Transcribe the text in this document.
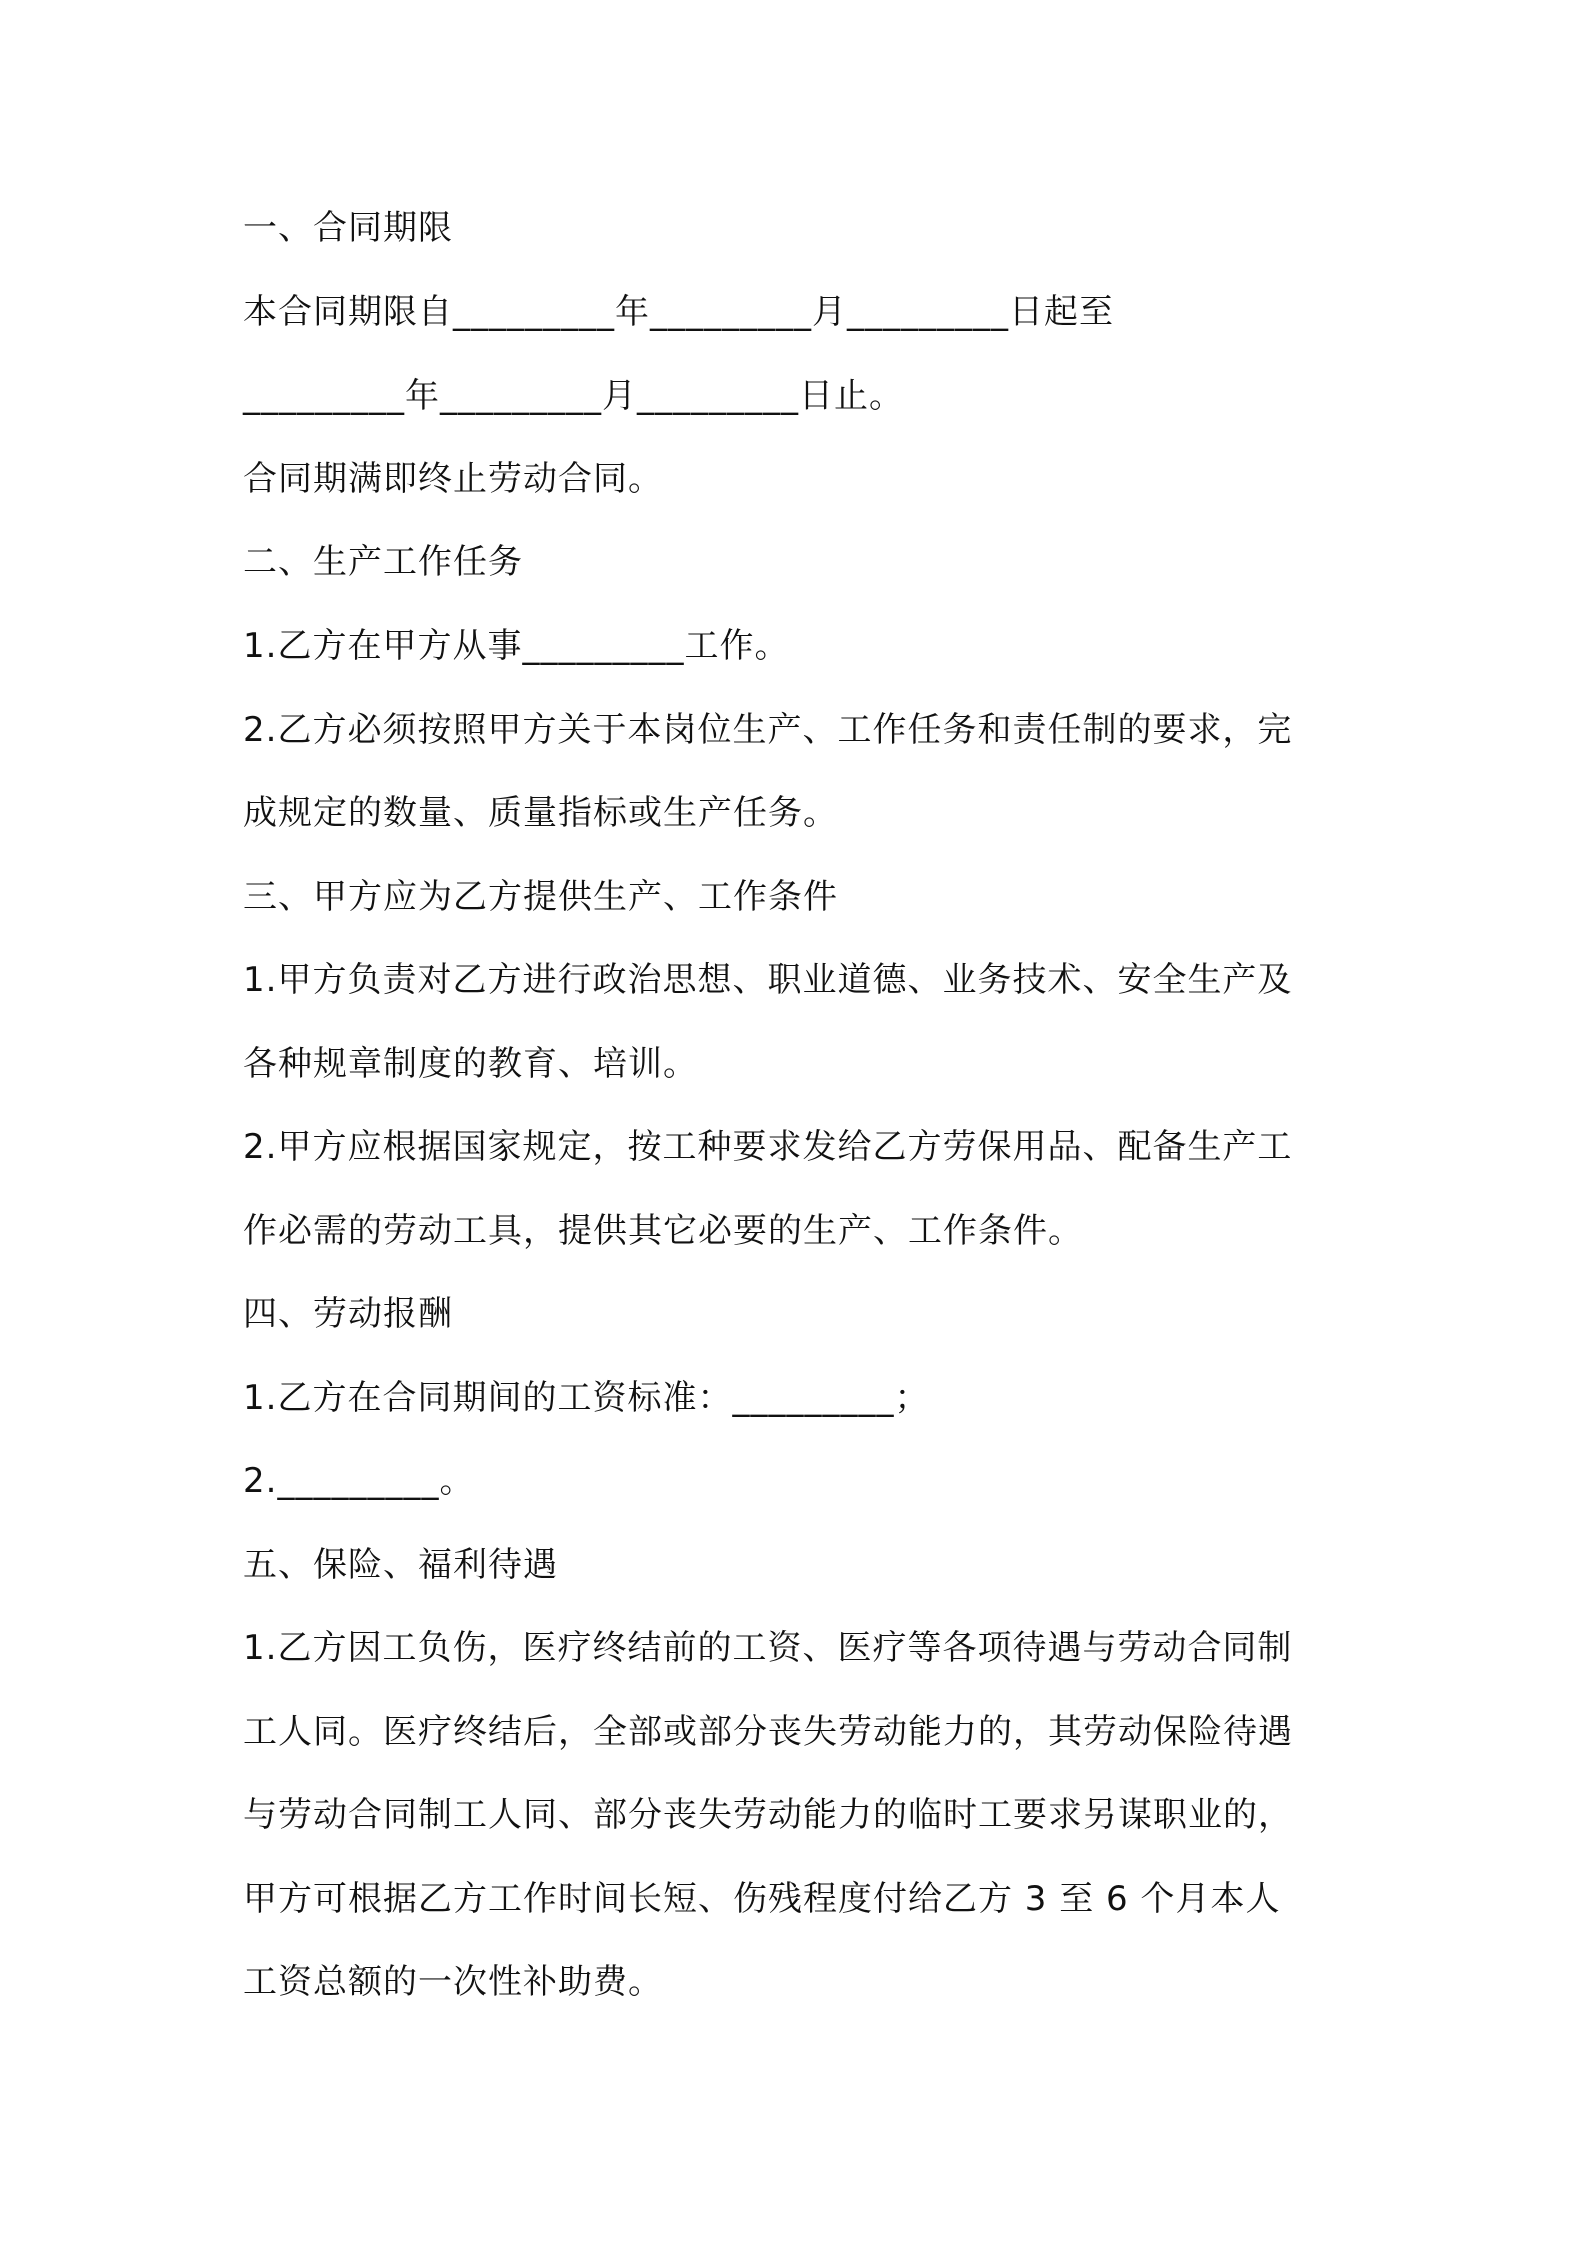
一、合同期限
本合同期限自_________年_________月_________日起至
_________年_________月_________日止。
合同期满即终止劳动合同。
二、生产工作任务
1.乙方在甲方从事_________工作。
2.乙方必须按照甲方关于本岗位生产、工作任务和责任制的要求，完
成规定的数量、质量指标或生产任务。
三、甲方应为乙方提供生产、工作条件
1.甲方负责对乙方进行政治思想、职业道德、业务技术、安全生产及
各种规章制度的教育、培训。
2.甲方应根据国家规定，按工种要求发给乙方劳保用品、配备生产工
作必需的劳动工具，提供其它必要的生产、工作条件。
四、劳动报酬
1.乙方在合同期间的工资标准：_________；
2._________。
五、保险、福利待遇
1.乙方因工负伤，医疗终结前的工资、医疗等各项待遇与劳动合同制
工人同。医疗终结后，全部或部分丧失劳动能力的，其劳动保险待遇
与劳动合同制工人同、部分丧失劳动能力的临时工要求另谋职业的，
甲方可根据乙方工作时间长短、伤残程度付给乙方 3 至 6 个月本人
工资总额的一次性补助费。
